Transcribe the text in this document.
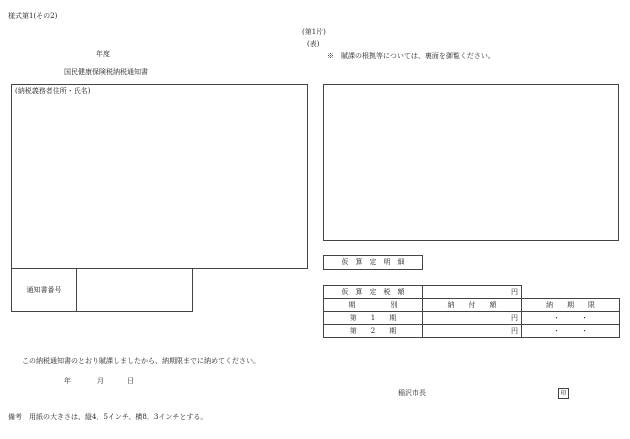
様式第1(その2)
(第1片)
(表)
※　賦課の根拠等については、裏面を御覧ください。
年度
国民健康保険税納税通知書
(納税義務者住所・氏名)
通知書番号	
仮　算　定　明　細
仮　算　定　税　額	円	
期　　　　　別	納　　付　　額	納　　期　　限
第　　1　　期	円	・　　　・
第　　2　　期	円	・　　　・
この納税通知書のとおり賦課しましたから、納期限までに納めてください。
年	月	日
稲沢市長	印
備考　用紙の大きさは、縦4．5インチ、横8．3インチとする。
